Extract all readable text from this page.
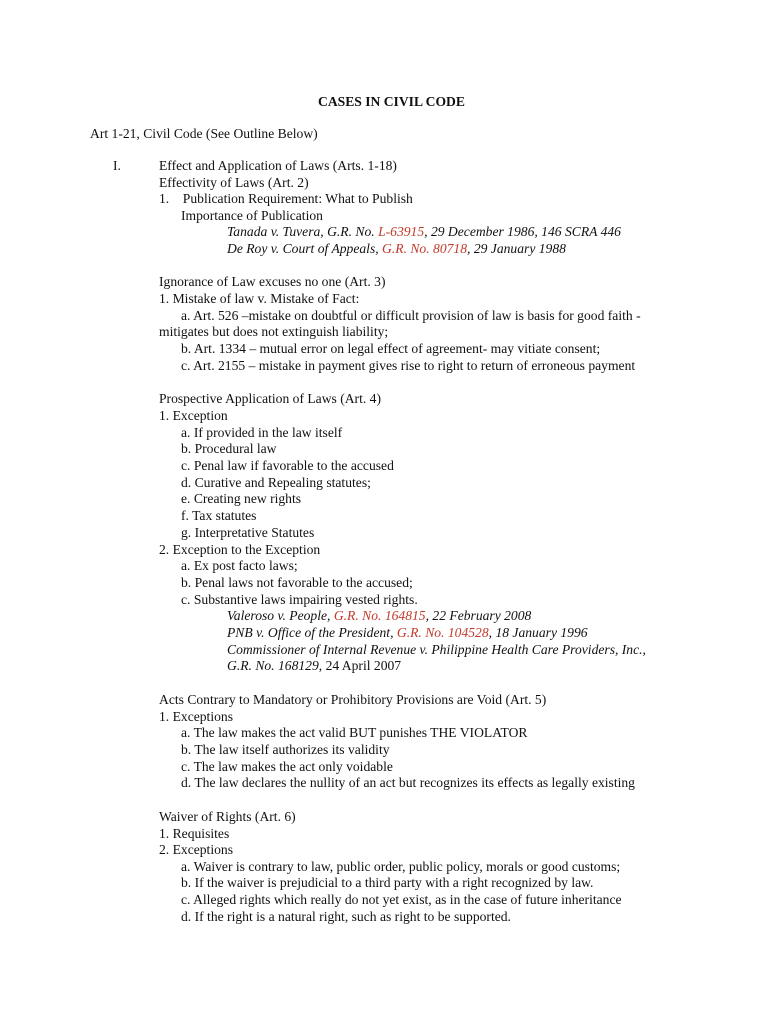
CASES IN CIVIL CODE
Art 1-21, Civil Code (See Outline Below)
I.	Effect and Application of Laws (Arts. 1-18)
Effectivity of Laws (Art. 2)
1.    Publication Requirement: What to Publish
Importance of Publication
Tanada v. Tuvera, G.R. No. L-63915, 29 December 1986, 146 SCRA 446
De Roy v. Court of Appeals, G.R. No. 80718, 29 January 1988
Ignorance of Law excuses no one (Art. 3)
1. Mistake of law v. Mistake of Fact:
a. Art. 526 –mistake on doubtful or difficult provision of law is basis for good faith -
mitigates but does not extinguish liability;
b. Art. 1334 – mutual error on legal effect of agreement- may vitiate consent;
c. Art. 2155 – mistake in payment gives rise to right to return of erroneous payment
Prospective Application of Laws (Art. 4)
1. Exception
a. If provided in the law itself
b. Procedural law
c. Penal law if favorable to the accused
d. Curative and Repealing statutes;
e. Creating new rights
f. Tax statutes
g. Interpretative Statutes
2. Exception to the Exception
a. Ex post facto laws;
b. Penal laws not favorable to the accused;
c. Substantive laws impairing vested rights.
Valeroso v. People, G.R. No. 164815, 22 February 2008
PNB v. Office of the President, G.R. No. 104528, 18 January 1996
Commissioner of Internal Revenue v. Philippine Health Care Providers, Inc.,
G.R. No. 168129, 24 April 2007
Acts Contrary to Mandatory or Prohibitory Provisions are Void (Art. 5)
1. Exceptions
a. The law makes the act valid BUT punishes THE VIOLATOR
b. The law itself authorizes its validity
c. The law makes the act only voidable
d. The law declares the nullity of an act but recognizes its effects as legally existing
Waiver of Rights (Art. 6)
1. Requisites
2. Exceptions
a. Waiver is contrary to law, public order, public policy, morals or good customs;
b. If the waiver is prejudicial to a third party with a right recognized by law.
c. Alleged rights which really do not yet exist, as in the case of future inheritance
d. If the right is a natural right, such as right to be supported.
